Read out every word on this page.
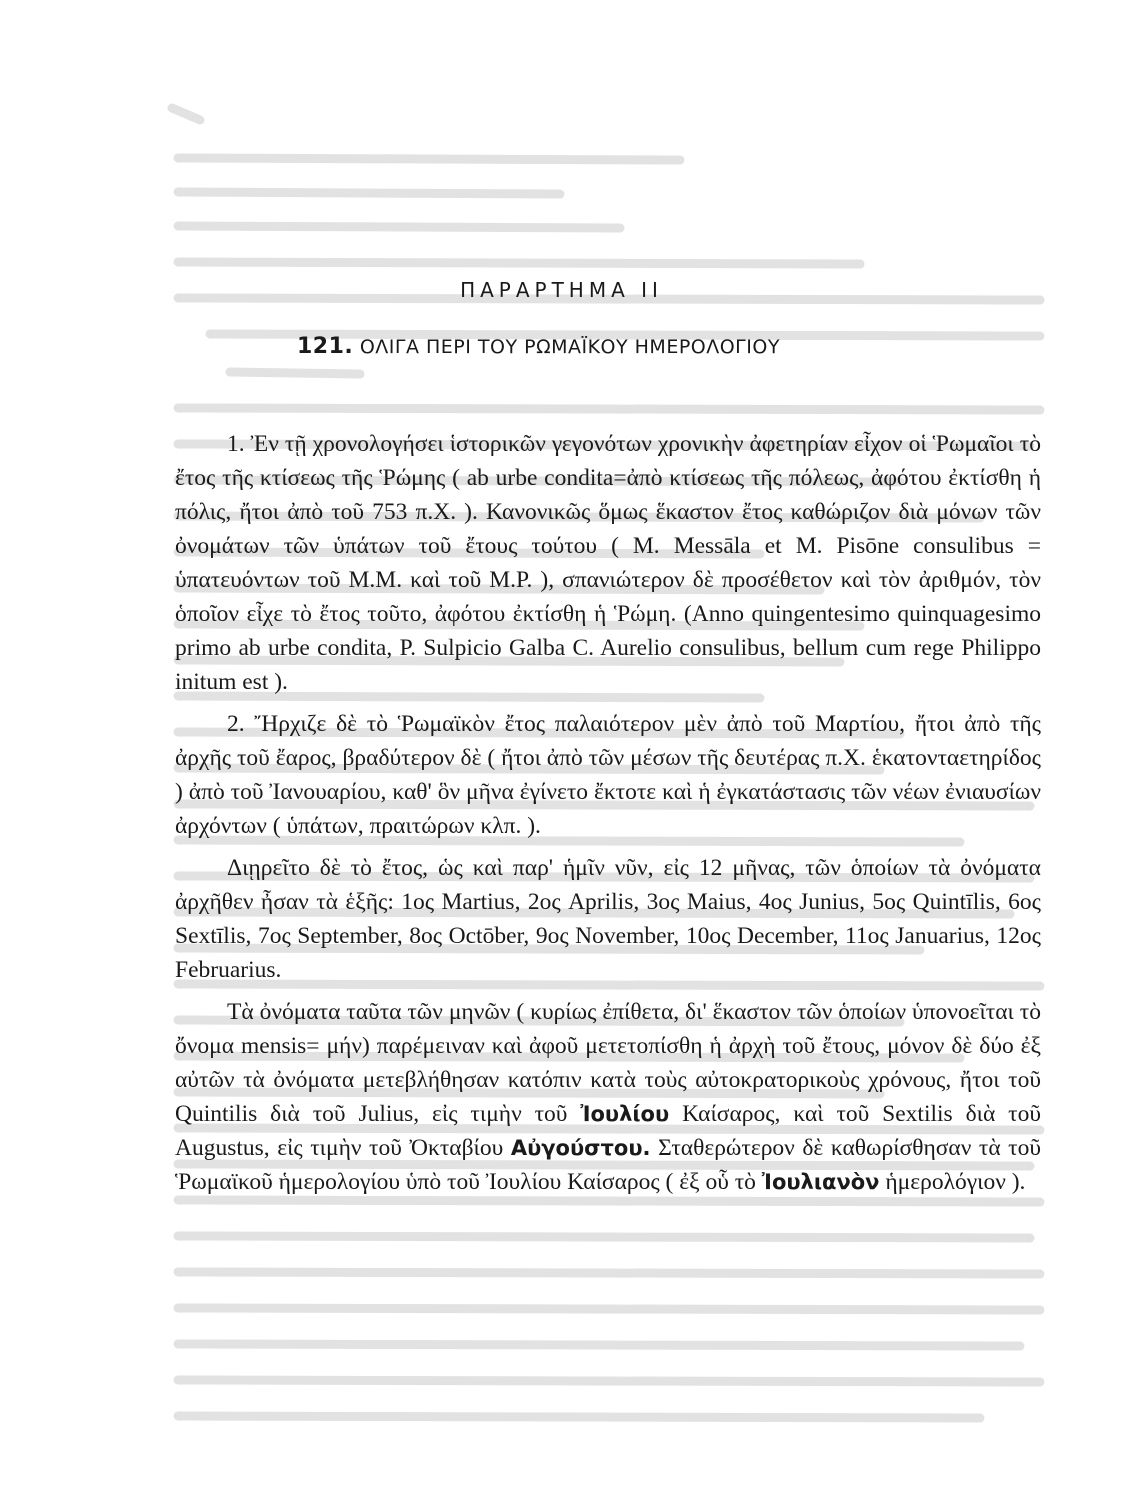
ΠΑΡΑΡΤΗΜΑ ΙΙ
121. ΟΛΙΓΑ ΠΕΡΙ ΤΟΥ ΡΩΜΑΪΚΟΥ ΗΜΕΡΟΛΟΓΙΟΥ

1. Ἐν τῇ χρονολογήσει ἱστορικῶν γεγονότων χρονικὴν ἀφετηρίαν εἶχον οἱ Ῥωμαῖοι τὸ ἔτος τῆς κτίσεως τῆς Ῥώμης ( ab urbe condita=ἀπὸ κτίσεως τῆς πόλεως, ἀφότου ἐκτίσθη ἡ πόλις, ἤτοι ἀπὸ τοῦ 753 π.Χ. ). Κανονικῶς ὅμως ἕκαστον ἔτος καθώριζον διὰ μόνων τῶν ὀνομάτων τῶν ὑπάτων τοῦ ἔτους τούτου ( M. Messāla et M. Pisōne consulibus = ὑπατευόντων τοῦ Μ.Μ. καὶ τοῦ Μ.Ρ. ), σπανιώτερον δὲ προσέθετον καὶ τὸν ἀριθμόν, τὸν ὁποῖον εἶχε τὸ ἔτος τοῦτο, ἀφότου ἐκτίσθη ἡ Ῥώμη. (Anno quingentesimo quinquagesimo primo ab urbe condita, P. Sulpicio Galba C. Aurelio consulibus, bellum cum rege Philippo initum est ).

2. Ἤρχιζε δὲ τὸ Ῥωμαϊκὸν ἔτος παλαιότερον μὲν ἀπὸ τοῦ Μαρτίου, ἤτοι ἀπὸ τῆς ἀρχῆς τοῦ ἔαρος, βραδύτερον δὲ ( ἤτοι ἀπὸ τῶν μέσων τῆς δευτέρας π.Χ. ἑκατονταετηρίδος ) ἀπὸ τοῦ Ἰανουαρίου, καθ' ὃν μῆνα ἐγίνετο ἔκτοτε καὶ ἡ ἐγκατάστασις τῶν νέων ἐνιαυσίων ἀρχόντων ( ὑπάτων, πραιτώρων κλπ. ).

Διῃρεῖτο δὲ τὸ ἔτος, ὡς καὶ παρ' ἡμῖν νῦν, εἰς 12 μῆνας, τῶν ὁποίων τὰ ὀνόματα ἀρχῆθεν ἦσαν τὰ ἑξῆς: 1ος Martius, 2ος Aprilis, 3ος Maius, 4ος Junius, 5ος Quintīlis, 6ος Sextīlis, 7ος September, 8ος Octōber, 9ος November, 10ος December, 11ος Januarius, 12ος Februarius.

Τὰ ὀνόματα ταῦτα τῶν μηνῶν ( κυρίως ἐπίθετα, δι' ἕκαστον τῶν ὁποίων ὑπονοεῖται τὸ ὄνομα mensis= μήν) παρέμειναν καὶ ἀφοῦ μετετοπίσθη ἡ ἀρχὴ τοῦ ἔτους, μόνον δὲ δύο ἐξ αὐτῶν τὰ ὀνόματα μετεβλήθησαν κατόπιν κατὰ τοὺς αὐτοκρατορικοὺς χρόνους, ἤτοι τοῦ Quintilis διὰ τοῦ Julius, εἰς τιμὴν τοῦ Ἰουλίου Καίσαρος, καὶ τοῦ Sextilis διὰ τοῦ Augustus, εἰς τιμὴν τοῦ Ὀκταβίου Αὐγούστου. Σταθερώτερον δὲ καθωρίσθησαν τὰ τοῦ Ῥωμαϊκοῦ ἡμερολογίου ὑπὸ τοῦ Ἰουλίου Καίσαρος ( ἐξ οὗ τὸ Ἰουλιανὸν ἡμερολόγιον ).
